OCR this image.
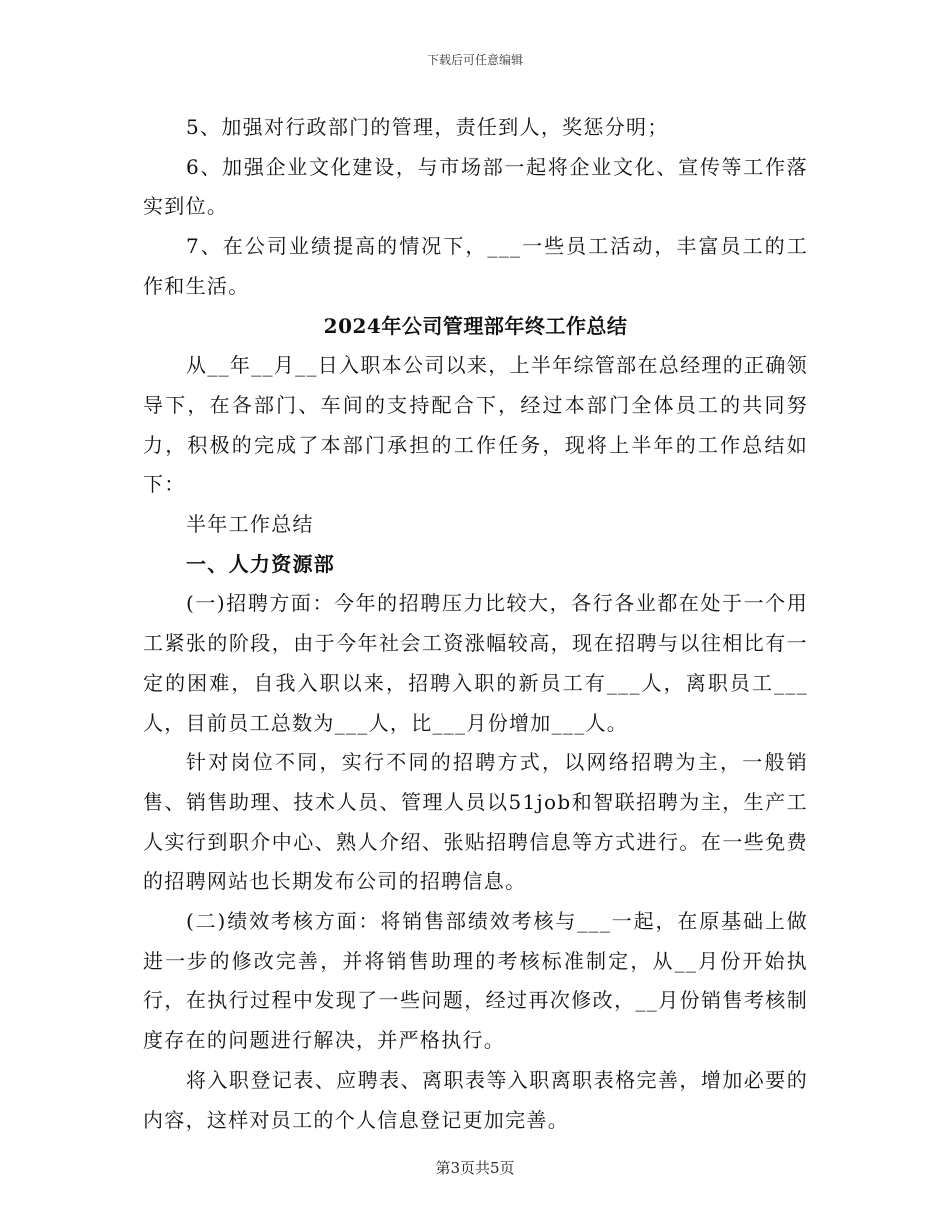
下载后可任意编辑

5、加强对行政部门的管理，责任到人，奖惩分明；

6、加强企业文化建设，与市场部一起将企业文化、宣传等工作落实到位。

7、在公司业绩提高的情况下，___一些员工活动，丰富员工的工作和生活。

2024年公司管理部年终工作总结

从__年__月__日入职本公司以来，上半年综管部在总经理的正确领导下，在各部门、车间的支持配合下，经过本部门全体员工的共同努力，积极的完成了本部门承担的工作任务，现将上半年的工作总结如下：

半年工作总结

一、人力资源部

(一)招聘方面：今年的招聘压力比较大，各行各业都在处于一个用工紧张的阶段，由于今年社会工资涨幅较高，现在招聘与以往相比有一定的困难，自我入职以来，招聘入职的新员工有___人，离职员工___人，目前员工总数为___人，比___月份增加___人。

针对岗位不同，实行不同的招聘方式，以网络招聘为主，一般销售、销售助理、技术人员、管理人员以51job和智联招聘为主，生产工人实行到职介中心、熟人介绍、张贴招聘信息等方式进行。在一些免费的招聘网站也长期发布公司的招聘信息。

(二)绩效考核方面：将销售部绩效考核与___一起，在原基础上做进一步的修改完善，并将销售助理的考核标准制定，从__月份开始执行，在执行过程中发现了一些问题，经过再次修改，__月份销售考核制度存在的问题进行解决，并严格执行。

将入职登记表、应聘表、离职表等入职离职表格完善，增加必要的内容，这样对员工的个人信息登记更加完善。

第3页共5页
